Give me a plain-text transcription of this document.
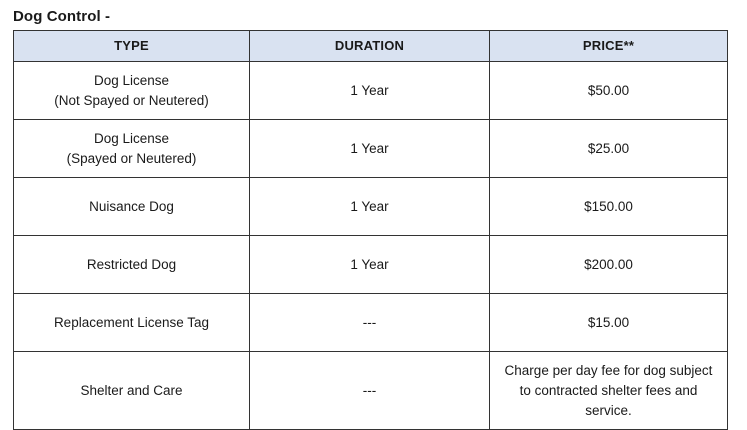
Dog Control -
TYPE	DURATION	PRICE**

Dog License
(Not Spayed or Neutered)	1 Year	$50.00

Dog License
(Spayed or Neutered)	1 Year	$25.00

Nuisance Dog	1 Year	$150.00

Restricted Dog	1 Year	$200.00

Replacement License Tag	---	$15.00

Shelter and Care	---	Charge per day fee for dog subject
to contracted shelter fees and
service.
